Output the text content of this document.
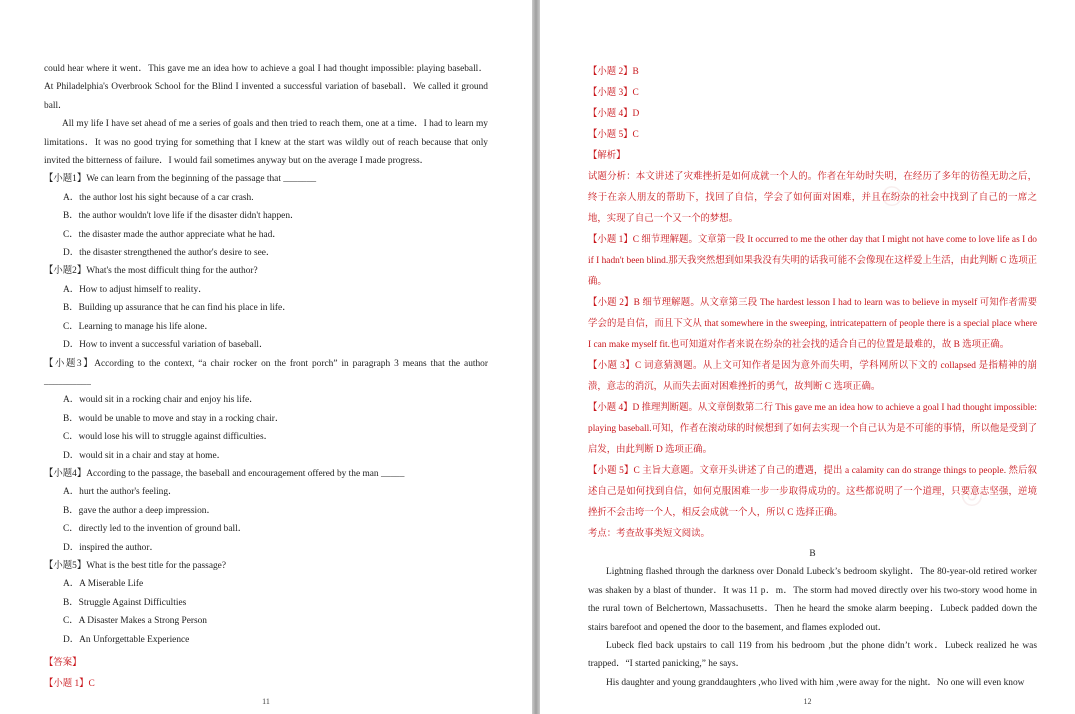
could hear where it went．This gave me an idea how to achieve a goal I had thought impossible: playing baseball．At Philadelphia's Overbrook School for the Blind I invented a successful variation of baseball．We called it ground ball．

All my life I have set ahead of me a series of goals and then tried to reach them, one at a time．I had to learn my limitations．It was no good trying for something that I knew at the start was wildly out of reach because that only invited the bitterness of failure．I would fail sometimes anyway but on the average I made progress．

【小题1】We can learn from the beginning of the passage that _______
A．the author lost his sight because of a car crash.
B．the author wouldn't love life if the disaster didn't happen．
C．the disaster made the author appreciate what he had．
D．the disaster strengthened the author's desire to see．
【小题2】What's the most difficult thing for the author?
A．How to adjust himself to reality．
B．Building up assurance that he can find his place in life．
C．Learning to manage his life alone．
D．How to invent a successful variation of baseball．
【小题3】According to the context, “a chair rocker on the front porch” in paragraph 3 means that the author __________
A．would sit in a rocking chair and enjoy his life．
B．would be unable to move and stay in a rocking chair．
C．would lose his will to struggle against difficulties．
D．would sit in a chair and stay at home．
【小题4】According to the passage, the baseball and encouragement offered by the man _____
A．hurt the author's feeling．
B．gave the author a deep impression．
C．directly led to the invention of ground ball．
D．inspired the author．
【小题5】What is the best title for the passage?
A．A Miserable Life
B．Struggle Against Difficulties
C．A Disaster Makes a Strong Person
D．An Unforgettable Experience
【答案】
【小题 1】C
11
◎
◎
【小题 2】B
【小题 3】C
【小题 4】D
【小题 5】C
【解析】

试题分析：本文讲述了灾难挫折是如何成就一个人的。作者在年幼时失明，在经历了多年的彷徨无助之后，终于在亲人朋友的帮助下，找回了自信，学会了如何面对困难，并且在纷杂的社会中找到了自己的一席之地，实现了自己一个又一个的梦想。

【小题 1】C 细节理解题。文章第一段 It occurred to me the other day that I might not have come to love life as I do if I hadn't been blind.那天我突然想到如果我没有失明的话我可能不会像现在这样爱上生活，由此判断 C 选项正确。

【小题 2】B 细节理解题。从文章第三段 The hardest lesson I had to learn was to believe in myself 可知作者需要学会的是自信，而且下文从 that somewhere in the sweeping, intricatepattern of people there is a special place where I can make myself fit.也可知道对作者来说在纷杂的社会找的适合自己的位置是最难的，故 B 选项正确。

【小题 3】C 词意猜测题。从上文可知作者是因为意外而失明，学科网所以下文的 collapsed 是指精神的崩溃，意志的消沉，从而失去面对困难挫折的勇气，故判断 C 选项正确。

【小题 4】D 推理判断题。从文章倒数第二行 This gave me an idea how to achieve a goal I had thought impossible: playing baseball.可知，作者在滚动球的时候想到了如何去实现一个自己认为是不可能的事情，所以他是受到了启发，由此判断 D 选项正确。

【小题 5】C 主旨大意题。文章开头讲述了自己的遭遇，提出 a calamity can do strange things to people. 然后叙述自己是如何找到自信，如何克服困难一步一步取得成功的。这些都说明了一个道理，只要意志坚强，逆境挫折不会击垮一个人，相反会成就一个人，所以 C 选择正确。

考点：考查故事类短文阅读。
B

Lightning flashed through the darkness over Donald Lubeck’s bedroom skylight．The 80-year-old retired worker was shaken by a blast of thunder．It was 11 p．m．The storm had moved directly over his two-story wood home in the rural town of Belchertown, Massachusetts．Then he heard the smoke alarm beeping．Lubeck padded down the stairs barefoot and opened the door to the basement, and flames exploded out．

Lubeck fled back upstairs to call 119 from his bedroom ,but the phone didn’t work．Lubeck realized he was trapped．“I started panicking,” he says．

His daughter and young granddaughters ,who lived with him ,were away for the night．No one will even know

12
